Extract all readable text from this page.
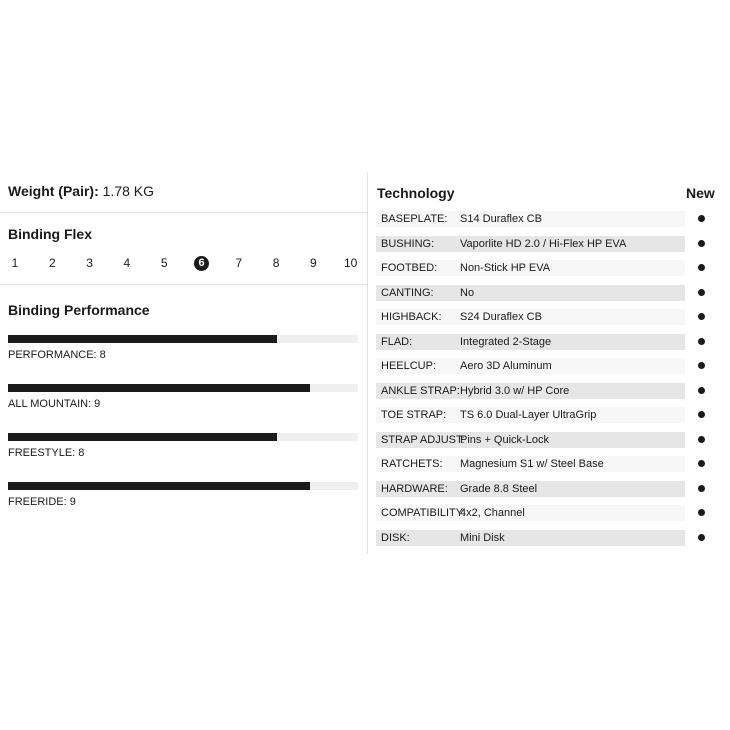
Weight (Pair):
1.78 KG
Binding Flex
1	2	3	4	5	6	7	8	9	10
Binding Performance
PERFORMANCE: 8
ALL MOUNTAIN: 9
FREESTYLE: 8
FREERIDE: 9
Technology	New
BASEPLATE:	S14 Duraflex CB
BUSHING:	Vaporlite HD 2.0 / Hi-Flex HP EVA
FOOTBED:	Non-Stick HP EVA
CANTING:	No
HIGHBACK:	S24 Duraflex CB
FLAD:	Integrated 2-Stage
HEELCUP:	Aero 3D Aluminum
ANKLE STRAP: Hybrid 3.0 w/ HP Core
TOE STRAP:	TS 6.0 Dual-Layer UltraGrip
STRAP ADJUST:
Pins + Quick-Lock
RATCHETS:	Magnesium S1 w/ Steel Base
HARDWARE:	Grade 8.8 Steel
COMPATIBILITY:
4x2, Channel
DISK:	Mini Disk
